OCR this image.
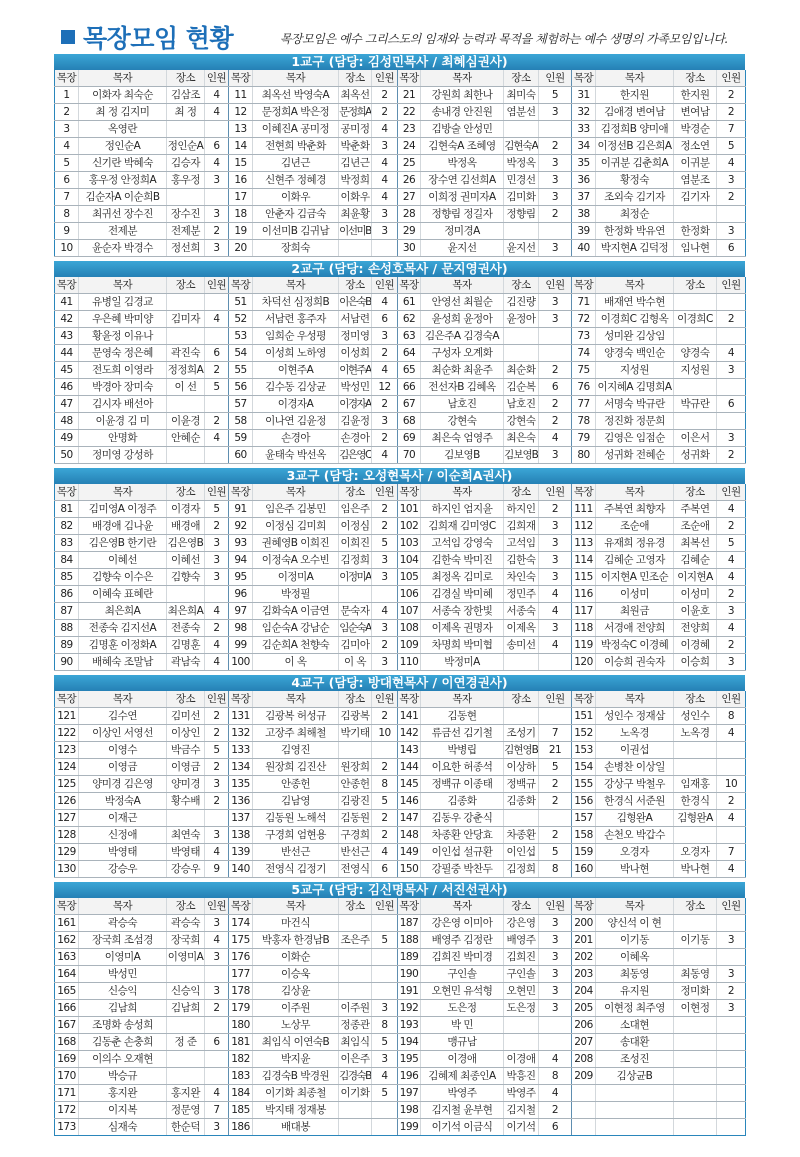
목장모임 현황	목장모임은 예수 그리스도의 임재와 능력과 목적을 체험하는 예수 생명의 가족모임입니다.
1교구 (담당: 김성민목사 / 최혜심권사)
목장	목자	장소	인원	목장	목자	장소	인원	목장	목자	장소	인원	목장	목자	장소	인원
1	이화자 최숙순	김삼조	4	11	최옥선 박영숙A	최옥선	2	21	강원희 최한나	최미숙	5	31	한지원	한지원	2
2	최 정 김지미	최 정	4	12	문정희A 박은정	문정희A	2	22	송내경 안진원	염분선	3	32	김애경 변여남	변여남	2
3	옥영란			13	이혜진A 공미정	공미정	4	23	김방술 안성민			33	김정희B 양미애	박경순	7
4	정인순A	정인순A	6	14	전현희 박춘화	박춘화	3	24	김현숙A 조혜영	김현숙A	2	34	이정선B 김은희A	정소연	5
5	신기란 박혜숙	김승자	4	15	김년근	김년근	4	25	박정옥	박정옥	3	35	이귀분 김춘희A	이귀분	4
6	홍우정 안정희A	홍우정	3	16	신현주 정혜경	박정희	4	26	장수연 김선희A	민경선	3	36	황정숙	염분조	3
7	김순자A 이순희B			17	이화우	이화우	4	27	이희정 권미자A	김미화	3	37	조외숙 김기자	김기자	2
8	최귀선 장수진	장수진	3	18	안춘자 김금숙	최윤황	3	28	정향림 정길자	정향림	2	38	최정순		
9	전제분	전제분	2	19	이선미B 김귀남	이선미B	3	29	정미경A			39	한정화 박유연	한정화	3
10	윤순자 박경수	정선희	3	20	장희숙			30	윤지선	윤지선	3	40	박지현A 김덕정	임나현	6
2교구 (담당: 손성호목사 / 문지영권사)
목장	목자	장소	인원	목장	목자	장소	인원	목장	목자	장소	인원	목장	목자	장소	인원
41	유병일 김경교			51	차덕선 심정희B	이은숙B	4	61	안영선 최월순	김진량	3	71	배재연 박수현		
42	우은혜 박미양	김미자	4	52	서남련 홍주자	서남련	6	62	윤성희 윤정아	윤정아	3	72	이경희C 김형옥	이경희C	2
43	황윤정 이유나			53	임희순 우성평	정미영	3	63	김은주A 김경숙A			73	성미완 김상임		
44	문영숙 정은혜	곽진숙	6	54	이성희 노하영	이성희	2	64	구성자 오계화			74	양경숙 백인순	양경숙	4
45	전도희 이영라	정정희A	2	55	이현주A	이현주A	4	65	최순화 최윤주	최순화	2	75	지성원	지성원	3
46	박경아 장미숙	이 선	5	56	김수동 김상균	박성민	12	66	전선자B 김혜옥	김순복	6	76	이지혜A 김명희A		
47	김시자 배선아			57	이경자A	이경자A	2	67	남호진	남호진	2	77	서명숙 박규란	박규란	6
48	이윤경 김 미	이윤경	2	58	이나연 김윤정	김윤정	3	68	강현숙	강현숙	2	78	정진화 정문희		
49	안명화	안혜순	4	59	손경아	손경아	2	69	최은숙 엄영주	최은숙	4	79	김영은 임점순	이은서	3
50	정미영 강성하			60	윤태숙 박선옥	김은영C	4	70	김보영B	김보영B	3	80	성귀화 전혜순	성귀화	2
3교구 (담당: 오성현목사 / 이순희A권사)
목장	목자	장소	인원	목장	목자	장소	인원	목장	목자	장소	인원	목장	목자	장소	인원
81	김미영A 이정주	이경자	5	91	임은주 김봉민	임은주	2	101	하지인 엄지윤	하지인	2	111	주복연 최향자	주복연	4
82	배경애 김나윤	배경애	2	92	이정심 김미희	이정심	2	102	김희재 김미영C	김희재	3	112	조순애	조순애	2
83	김은영B 한기란	김은영B	3	93	권혜영B 이희진	이희진	5	103	고석임 강영숙	고석임	3	113	유재희 정유경	최복선	5
84	이혜선	이혜선	3	94	이정숙A 오수빈	김정희	3	104	김한숙 박미진	김한숙	3	114	김혜순 고영자	김혜순	4
85	김향숙 이수은	김향숙	3	95	이정미A	이정미A	3	105	최정옥 김미로	차인숙	3	115	이지현A 민조순	이지현A	4
86	이혜숙 표혜란			96	박정필			106	김경실 박미혜	정민주	4	116	이성미	이성미	2
87	최은희A	최은희A	4	97	김화숙A 이금연	문숙자	4	107	서종숙 장한빛	서종숙	4	117	최원금	이윤호	3
88	전종숙 김지선A	전종숙	2	98	임순숙A 강남순	임순숙A	3	108	이제옥 권명자	이제옥	3	118	서경애 전양희	전양희	4
89	김명훈 이정화A	김명훈	4	99	김순희A 천향숙	김미아	2	109	차명희 박미협	송미선	4	119	박정숙C 이경혜	이경혜	2
90	배혜숙 조말남	곽남숙	4	100	이 옥	이 옥	3	110	박정미A			120	이승희 권숙자	이승희	3
4교구 (담당: 방대현목사 / 이연경권사)
목장	목자	장소	인원	목장	목자	장소	인원	목장	목자	장소	인원	목장	목자	장소	인원
121	김수연	김미선	2	131	김광복 허성규	김광복	2	141	김동현			151	성인수 정재삼	성인수	8
122	이상인 서영선	이상인	2	132	고장주 최해철	박기태	10	142	류금선 김기철	조성기	7	152	노옥경	노옥경	4
123	이영수	박금수	5	133	김영진			143	박병립	김현영B	21	153	이권섭		
124	이영금	이영금	2	134	원장희 김진산	원장희	2	144	이요한 허종석	이상하	5	154	손병찬 이상일		
125	양미경 김은영	양미경	3	135	안종헌	안종헌	8	145	정백규 이종태	정백규	2	155	강상구 박철우	임재홍	10
126	박정숙A	황수배	2	136	김남영	김광진	5	146	김종화	김종화	2	156	한경식 서준원	한경식	2
127	이재근			137	김동원 노해석	김동원	2	147	김동우 강춘식			157	김형완A	김형완A	4
128	신정애	최연숙	3	138	구경희 엄현용	구경희	2	148	차종환 안당효	차종환	2	158	손천오 박갑수		
129	박영태	박영태	4	139	반선근	반선근	4	149	이인섭 설규환	이인섭	5	159	오경자	오경자	7
130	강승우	강승우	9	140	전영식 김정기	전영식	6	150	강필중 박찬두	김정희	8	160	박나현	박나현	4
5교구 (담당: 김신명목사 / 서진선권사)
목장	목자	장소	인원	목장	목자	장소	인원	목장	목자	장소	인원	목장	목자	장소	인원
161	곽승숙	곽승숙	3	174	마건식			187	강은영 이미아	강은영	3	200	양신석 이 현		
162	장국희 조섬경	장국희	4	175	박홍자 한경남B	조은주	5	188	배영주 김정란	배영주	3	201	이기동	이기동	3
163	이영미A	이영미A	3	176	이화순			189	김희진 박미경	김희진	3	202	이혜옥		
164	박성민			177	이승욱			190	구인솔	구인솔	3	203	최동영	최동영	3
165	신승익	신승익	3	178	김상윤			191	오현민 유석형	오현민	3	204	유지원	정미화	2
166	김남희	김남희	2	179	이주원	이주원	3	192	도은정	도은정	3	205	이현정 최주영	이현정	3
167	조명화 송성희			180	노상무	정종관	8	193	박 민			206	소대현		
168	김동춘 손충희	정 준	6	181	최임식 이연숙B	최임식	5	194	맹규남			207	송대환		
169	이의수 오재현			182	박지윤	이은주	3	195	이경애	이경애	4	208	조성진		
170	박승규			183	김경숙B 박경원	김경숙B	4	196	김혜제 최종인A	박흥진	8	209	김상균B		
171	홍지완	홍지완	4	184	이기화 최종철	이기화	5	197	박영주	박영주	4				
172	이지복	정문영	7	185	박지태 정재봉			198	김지철 윤부현	김지철	2				
173	심재숙	한순덕	3	186	배대봉			199	이기석 이금식	이기석	6				
